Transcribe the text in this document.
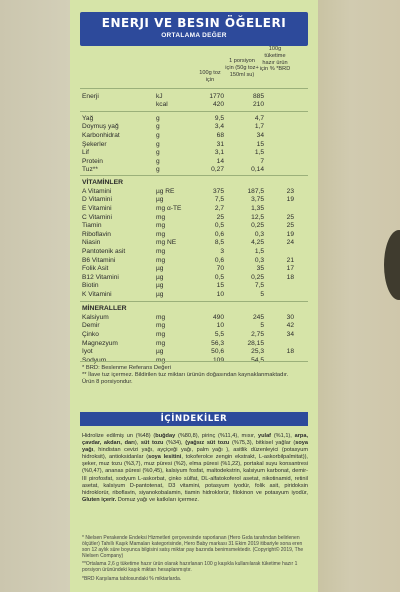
ENERJI VE BESIN ÖĞELERI
ORTALAMA DEĞER
100g toz için
1 porsiyon için (50g toz+ 150ml su)
100g tüketime hazır ürün için % *BRD
Enerji	kJ	1770	885
kcal	420	210
Yağ	g	9,5	4,7
Doymuş yağ	g	3,4	1,7
Karbonhidrat	g	68	34
Şekerler	g	31	15
Lif	g	3,1	1,5
Protein	g	14	7
Tuz**	g	0,27	0,14
VİTAMİNLER
A Vitamini	µg RE	375	187,5	23
D Vitamini	µg	7,5	3,75	19
E Vitamini	mg α-TE	2,7	1,35
C Vitamini	mg	25	12,5	25
Tiamin	mg	0,5	0,25	25
Riboflavin	mg	0,6	0,3	19
Niasin	mg NE	8,5	4,25	24
Pantotenik asit	mg	3	1,5
B6 Vitamini	mg	0,6	0,3	21
Folik Asit	µg	70	35	17
B12 Vitamini	µg	0,5	0,25	18
Biotin	µg	15	7,5
K Vitamini	µg	10	5
MİNERALLER
Kalsiyum	mg	490	245	30
Demir	mg	10	5	42
Çinko	mg	5,5	2,75	34
Magnezyum	mg	56,3	28,15
İyot	µg	50,6	25,3	18
* BRD: Beslenme Referans Değeri
** İlave tuz içermez. Bildirilen tuz miktarı ürünün doğasından kaynaklanmaktadır.
Ürün 8 porsiyondur.
İÇİNDEKİLER
Hidrolize edilmiş un (%48) (buğday (%80,8), pirinç (%11,4), mısır, yulaf (%1,1), arpa, çavdar, akdarı, darı), süt tozu (%34), (yağsız süt tozu (%75,3), bitkisel yağlar (soya yağı, hindistan cevizi yağı, ayçiçeği yağı, palm yağı ), asitlik düzenleyici (potasyum hidroksit), antioksidanlar (soya lesitini, tokoferolce zengin ekstrakt, L-askorbilpalmitat)), şeker, muz tozu (%3,7), muz püresi (%2), elma püresi (%1,22), portakal suyu konsantresi (%0,47), ananas püresi (%0,45), kalsiyum fosfat, maltodekstrin, kalsiyum karbonat, demir-III pirofosfat, sodyum L-askorbat, çinko sülfat, DL-alfatokoferol asetat, nikotinamid, retinil asetat, kalsiyum D-pantotenat, D3 vitamini, potasyum iyodür, folik asit, piridoksin hidroklorür, riboflavin, siyanokobalamin, tiamin hidroklorür, filokinon ve potasyum iyodür, Gluten içerir. Domuz yağı ve katkıları içermez.
* Nielsen Perakende Endeksi Hizmetleri çerçevesinde raporlanan (Hero Gıda tarafından belirlenen ölçütler) Tahıllı Kaşık Mamaları kategorisinde, Hero Baby markası 31 Ekim 2019 itibariyle sona eren son 12 aylık süre boyunca bilgisini satış miktar pay bazında benimsmektedir. (Copyright© 2019, The Nielsen Company)
**Ortalama 2,6 g tüketime hazır ürün olarak hazırlanan 100 g kaşıkla kullanılarak tüketime hazır 1 porsiyon ürünündeki kaşık miktarı hesaplanmıştır.
*BRD Karşılama tablosundaki % miktarlarda.
